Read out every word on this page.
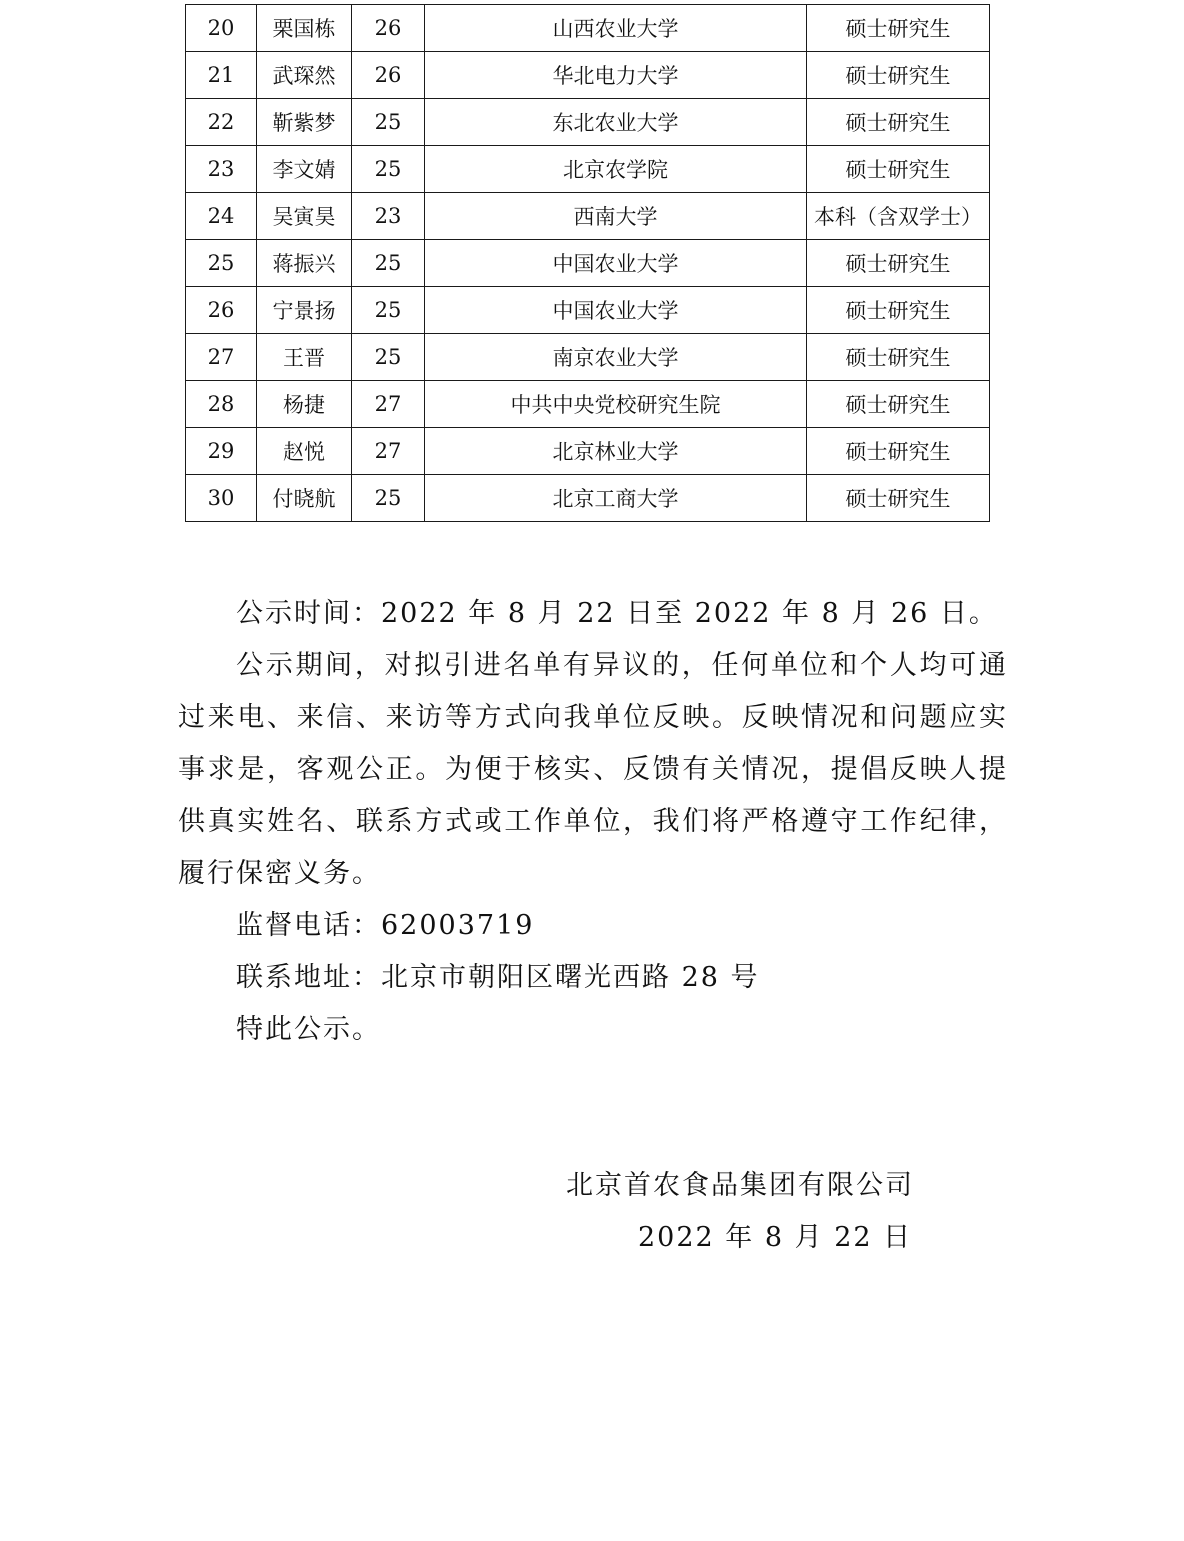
20	栗国栋	26	山西农业大学	硕士研究生
21	武琛然	26	华北电力大学	硕士研究生
22	靳紫梦	25	东北农业大学	硕士研究生
23	李文婧	25	北京农学院	硕士研究生
24	吴寅昊	23	西南大学	本科（含双学士）
25	蒋振兴	25	中国农业大学	硕士研究生
26	宁景扬	25	中国农业大学	硕士研究生
27	王晋	25	南京农业大学	硕士研究生
28	杨捷	27	中共中央党校研究生院	硕士研究生
29	赵悦	27	北京林业大学	硕士研究生
30	付晓航	25	北京工商大学	硕士研究生

公示时间：2022 年 8 月 22 日至 2022 年 8 月 26 日。

公示期间，对拟引进名单有异议的，任何单位和个人均可通过来电、来信、来访等方式向我单位反映。反映情况和问题应实事求是，客观公正。为便于核实、反馈有关情况，提倡反映人提供真实姓名、联系方式或工作单位，我们将严格遵守工作纪律，履行保密义务。

监督电话：62003719

联系地址：北京市朝阳区曙光西路 28 号

特此公示。

北京首农食品集团有限公司
2022 年 8 月 22 日
